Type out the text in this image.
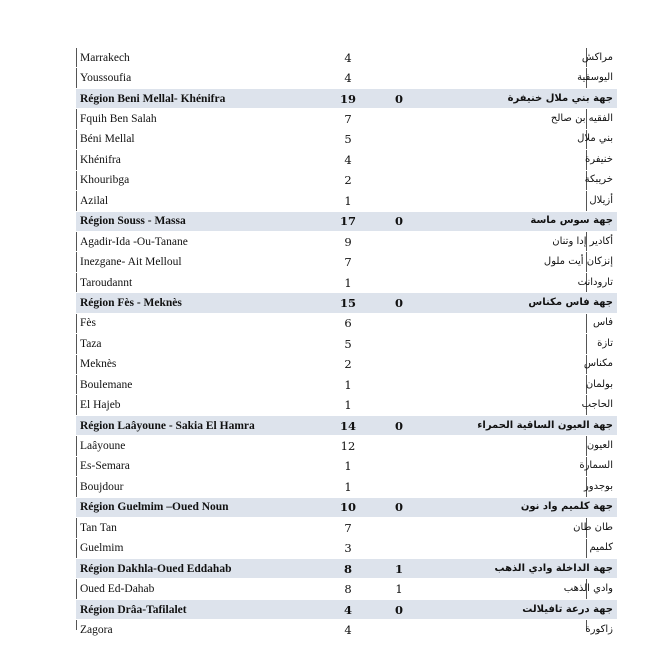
Marrakech	4		مراكش
Youssoufia	4		اليوسفية
Région Beni Mellal- Khénifra	19	0	جهة بني ملال خنيفرة
Fquih Ben Salah	7		الفقيه بن صالح
Béni Mellal	5		بني ملال
Khénifra	4		خنيفرة
Khouribga	2		خريبكة
Azilal	1		أزيلال
Région Souss - Massa	17	0	جهة سوس ماسة
Agadir-Ida -Ou-Tanane	9		أكادير إدا وتنان
Inezgane- Ait Melloul	7		إنزكان أيت ملول
Taroudannt	1		تارودانت
Région Fès - Meknès	15	0	جهة فاس مكناس
Fès	6		فاس
Taza	5		تازة
Meknès	2		مكناس
Boulemane	1		بولمان
El Hajeb	1		الحاجب
Région Laâyoune - Sakia El Hamra	14	0	جهة العيون الساقية الحمراء
Laâyoune	12		العيون
Es-Semara	1		السمارة
Boujdour	1		بوجدور
Région Guelmim –Oued Noun	10	0	جهة كلميم واد نون
Tan Tan	7		طان طان
Guelmim	3		كلميم
Région Dakhla-Oued Eddahab	8	1	جهة الداخلة وادي الذهب
Oued Ed-Dahab	8	1	وادي الذهب
Région Drâa-Tafilalet	4	0	جهة درعة تافيلالت
Zagora	4		زاكورة
